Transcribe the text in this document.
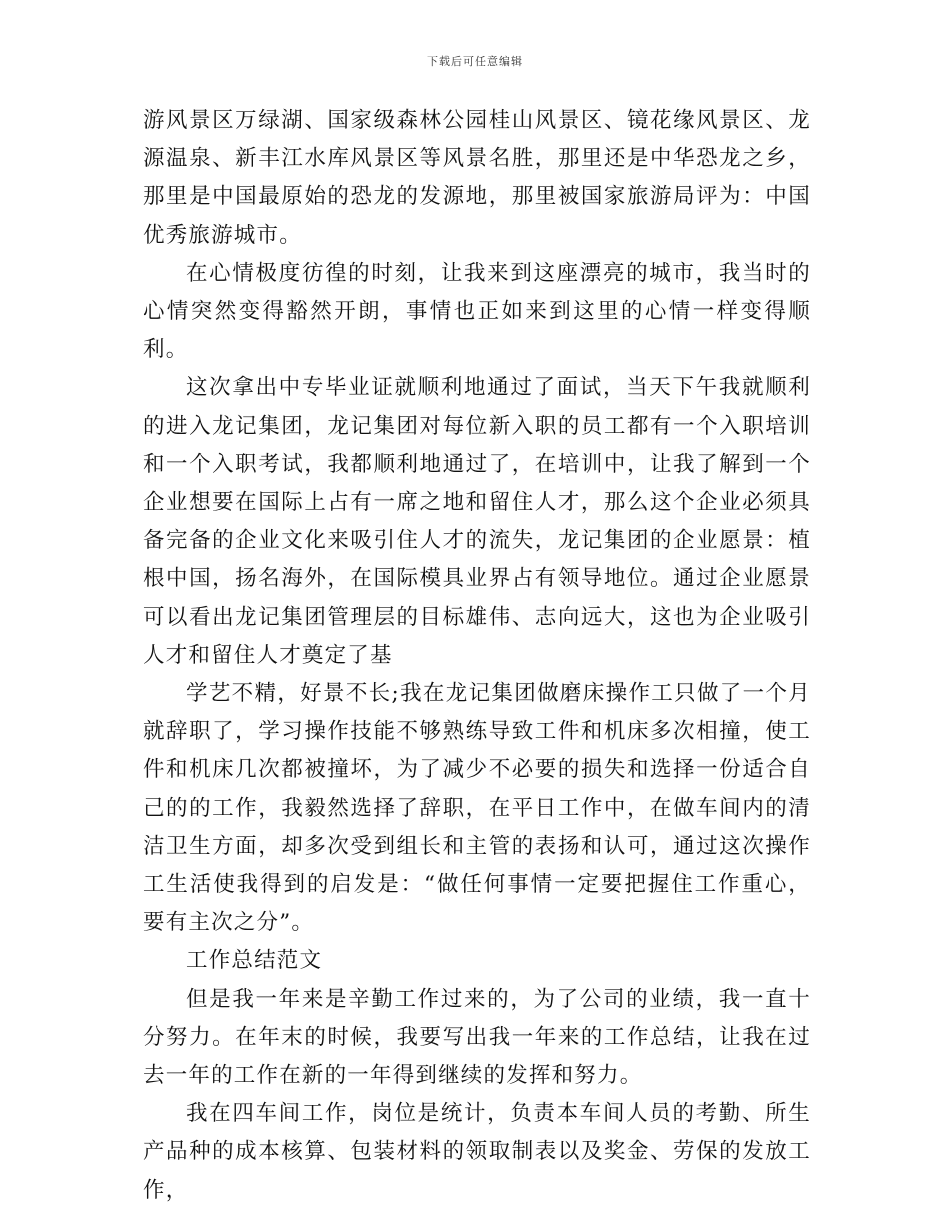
下载后可任意编辑

游风景区万绿湖、国家级森林公园桂山风景区、镜花缘风景区、龙源温泉、新丰江水库风景区等风景名胜，那里还是中华恐龙之乡，那里是中国最原始的恐龙的发源地，那里被国家旅游局评为：中国优秀旅游城市。

在心情极度彷徨的时刻，让我来到这座漂亮的城市，我当时的心情突然变得豁然开朗，事情也正如来到这里的心情一样变得顺利。

这次拿出中专毕业证就顺利地通过了面试，当天下午我就顺利的进入龙记集团，龙记集团对每位新入职的员工都有一个入职培训和一个入职考试，我都顺利地通过了，在培训中，让我了解到一个企业想要在国际上占有一席之地和留住人才，那么这个企业必须具备完备的企业文化来吸引住人才的流失，龙记集团的企业愿景：植根中国，扬名海外，在国际模具业界占有领导地位。通过企业愿景可以看出龙记集团管理层的目标雄伟、志向远大，这也为企业吸引人才和留住人才奠定了基

学艺不精，好景不长;我在龙记集团做磨床操作工只做了一个月就辞职了，学习操作技能不够熟练导致工件和机床多次相撞，使工件和机床几次都被撞坏，为了减少不必要的损失和选择一份适合自己的的工作，我毅然选择了辞职，在平日工作中，在做车间内的清洁卫生方面，却多次受到组长和主管的表扬和认可，通过这次操作工生活使我得到的启发是：“做任何事情一定要把握住工作重心，要有主次之分”。

工作总结范文

但是我一年来是辛勤工作过来的，为了公司的业绩，我一直十分努力。在年末的时候，我要写出我一年来的工作总结，让我在过去一年的工作在新的一年得到继续的发挥和努力。

我在四车间工作，岗位是统计，负责本车间人员的考勤、所生产品种的成本核算、包装材料的领取制表以及奖金、劳保的发放工作，
